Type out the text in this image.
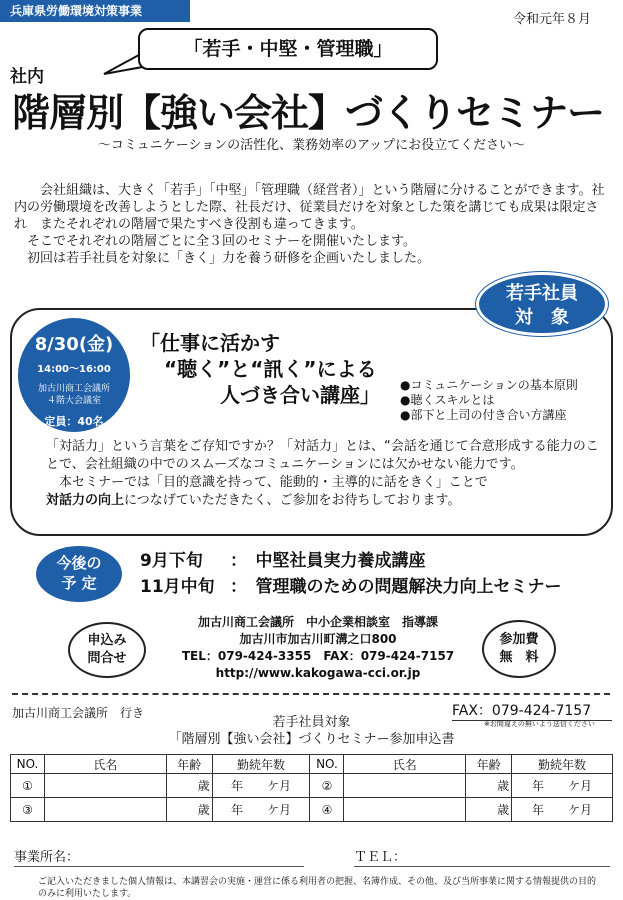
兵庫県労働環境対策事業
令和元年８月
「若手・中堅・管理職」
社内
階層別【強い会社】づくりセミナー
～コミュニケーションの活性化、業務効率のアップにお役立てください～

会社組織は、大きく「若手」「中堅」「管理職（経営者）」という階層に分けることができます。社内の労働環境を改善しようとした際、社長だけ、従業員だけを対象とした策を講じても成果は限定され　またそれぞれの階層で果たすべき役割も違ってきます。

そこでそれぞれの階層ごとに全３回のセミナーを開催いたします。

初回は若手社員を対象に「きく」力を養う研修を企画いたしました。

若手社員
対　象
8/30(金)
14:00～16:00
加古川商工会議所
４階大会議室
定員：40名
「仕事に活かす
“聴く”と“訊く”による
人づき合い講座」 ●コミュニケーションの基本原則
●聴くスキルとは
●部下と上司の付き合い方講座

「対話力」という言葉をご存知ですか？「対話力」とは、“会話を通じて合意形成する能力のことで、会社組織の中でのスムーズなコミュニケーションには欠かせない能力です。

本セミナーでは「目的意識を持って、能動的・主導的に話をきく」ことで

対話力の向上につなげていただきたく、ご参加をお待ちしております。

今後の
予 定
9月下旬 ：　 中堅社員実力養成講座
11月中旬 ：　 管理職のための問題解決力向上セミナー
申込み
問合せ
加古川商工会議所　中小企業相談室　指導課
加古川市加古川町溝之口800
TEL：079-424-3355　FAX：079-424-7157
http://www.kakogawa-cci.or.jp
参加費
無　料
加古川商工会議所　行き	FAX：079-424-7157
※お間違えの無いよう送信ください
若手社員対象
「階層別【強い会社】づくりセミナー参加申込書
NO.	氏名	年齢	勤続年数	NO.	氏名	年齢	勤続年数
①		歳	年　　 ケ月	②		歳	年　　 ケ月
③		歳	年　　 ケ月	④		歳	年　　 ケ月
事業所名：	ＴＥＬ：
ご記入いただきました個人情報は、本講習会の実施・運営に係る利用者の把握、名簿作成、その他、及び当所事業に関する情報提供の目的のみに利用いたします。
